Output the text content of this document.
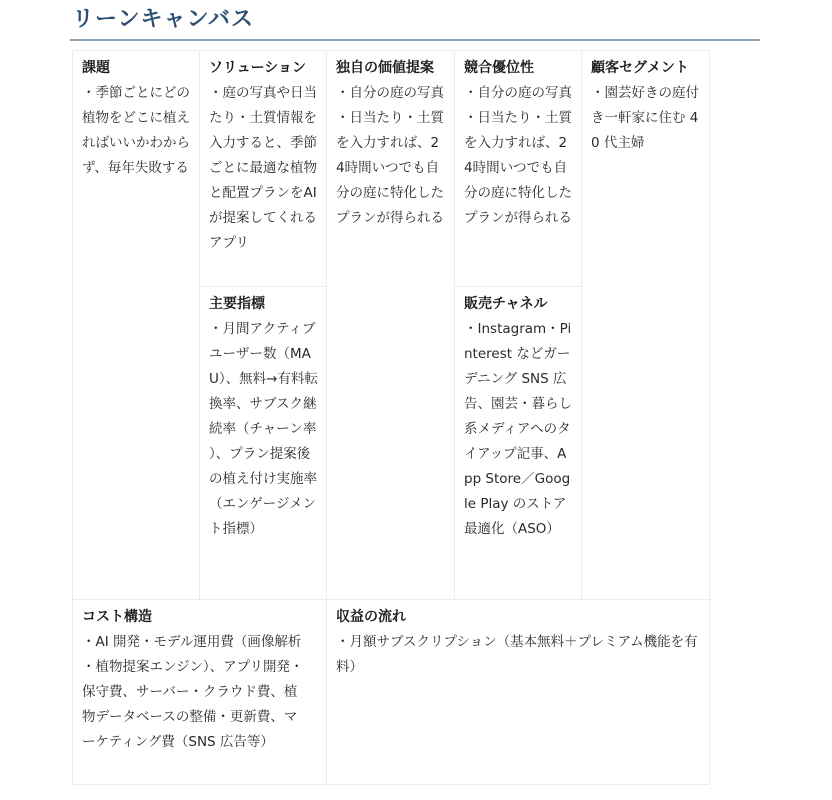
リーンキャンバス
課題

・季節ごとにどの植物をどこに植えればいいかわからず、毎年失敗する

ソリューション

・庭の写真や日当たり・土質情報を入力すると、季節ごとに最適な植物と配置プランをAIが提案してくれるアプリ

主要指標

・月間アクティブユーザー数（MAU）、無料→有料転換率、サブスク継続率（チャーン率）、プラン提案後の植え付け実施率（エンゲージメント指標）

独自の価値提案

・自分の庭の写真・日当たり・土質を入力すれば、24時間いつでも自分の庭に特化したプランが得られる

競合優位性

・自分の庭の写真・日当たり・土質を入力すれば、24時間いつでも自分の庭に特化したプランが得られる

販売チャネル

・Instagram・Pinterest などガーデニング SNS 広告、園芸・暮らし系メディアへのタイアップ記事、App Store／Google Play のストア最適化（ASO）

顧客セグメント

・園芸好きの庭付き一軒家に住む 40 代主婦

コスト構造

・AI 開発・モデル運用費（画像解析・植物提案エンジン）、アプリ開発・保守費、サーバー・クラウド費、植物データベースの整備・更新費、マーケティング費（SNS 広告等）

収益の流れ

・月額サブスクリプション（基本無料＋プレミアム機能を有料）
